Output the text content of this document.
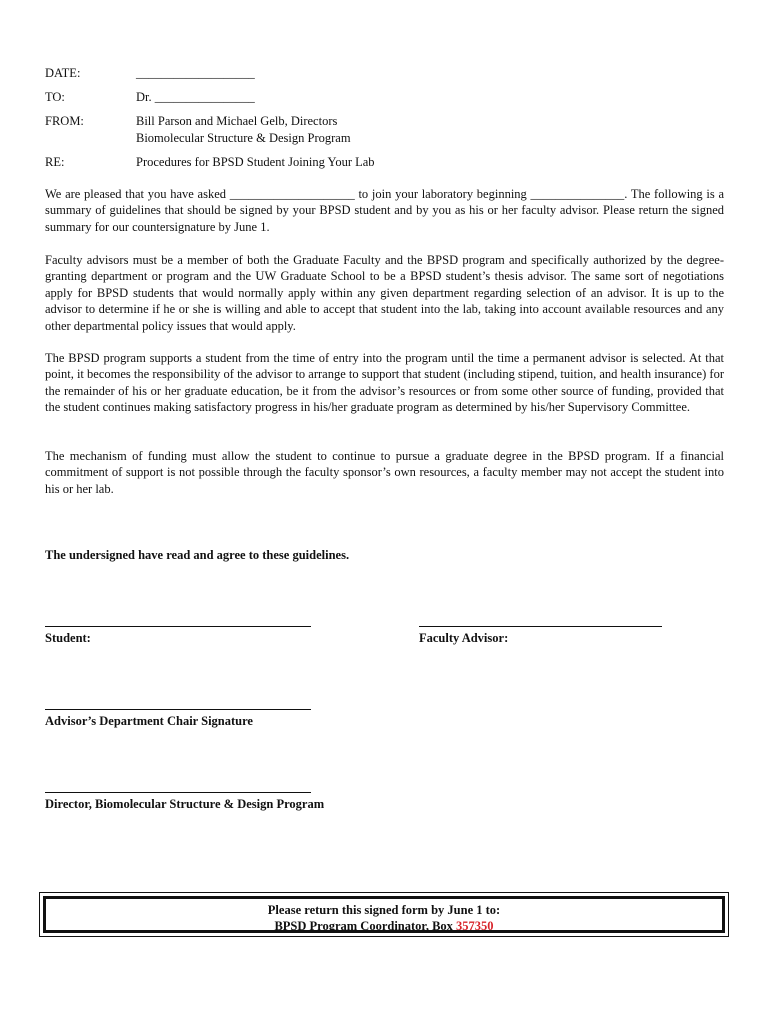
DATE:	___________________
TO:	Dr. ________________
FROM:	Bill Parson and Michael Gelb, Directors
Biomolecular Structure & Design Program
RE:	Procedures for BPSD Student Joining Your Lab

We are pleased that you have asked ____________________ to join your laboratory beginning _______________. The following is a summary of guidelines that should be signed by your BPSD student and by you as his or her faculty advisor. Please return the signed summary for our countersignature by June 1.

Faculty advisors must be a member of both the Graduate Faculty and the BPSD program and specifically authorized by the degree-granting department or program and the UW Graduate School to be a BPSD student’s thesis advisor. The same sort of negotiations apply for BPSD students that would normally apply within any given department regarding selection of an advisor. It is up to the advisor to determine if he or she is willing and able to accept that student into the lab, taking into account available resources and any other departmental policy issues that would apply.

The BPSD program supports a student from the time of entry into the program until the time a permanent advisor is selected. At that point, it becomes the responsibility of the advisor to arrange to support that student (including stipend, tuition, and health insurance) for the remainder of his or her graduate education, be it from the advisor’s resources or from some other source of funding, provided that the student continues making satisfactory progress in his/her graduate program as determined by his/her Supervisory Committee.

The mechanism of funding must allow the student to continue to pursue a graduate degree in the BPSD program. If a financial commitment of support is not possible through the faculty sponsor’s own resources, a faculty member may not accept the student into his or her lab.

The undersigned have read and agree to these guidelines.

Student:	Faculty Advisor:
Advisor’s Department Chair Signature
Director, Biomolecular Structure & Design Program
Please return this signed form by June 1 to:
BPSD Program Coordinator, Box 357350
